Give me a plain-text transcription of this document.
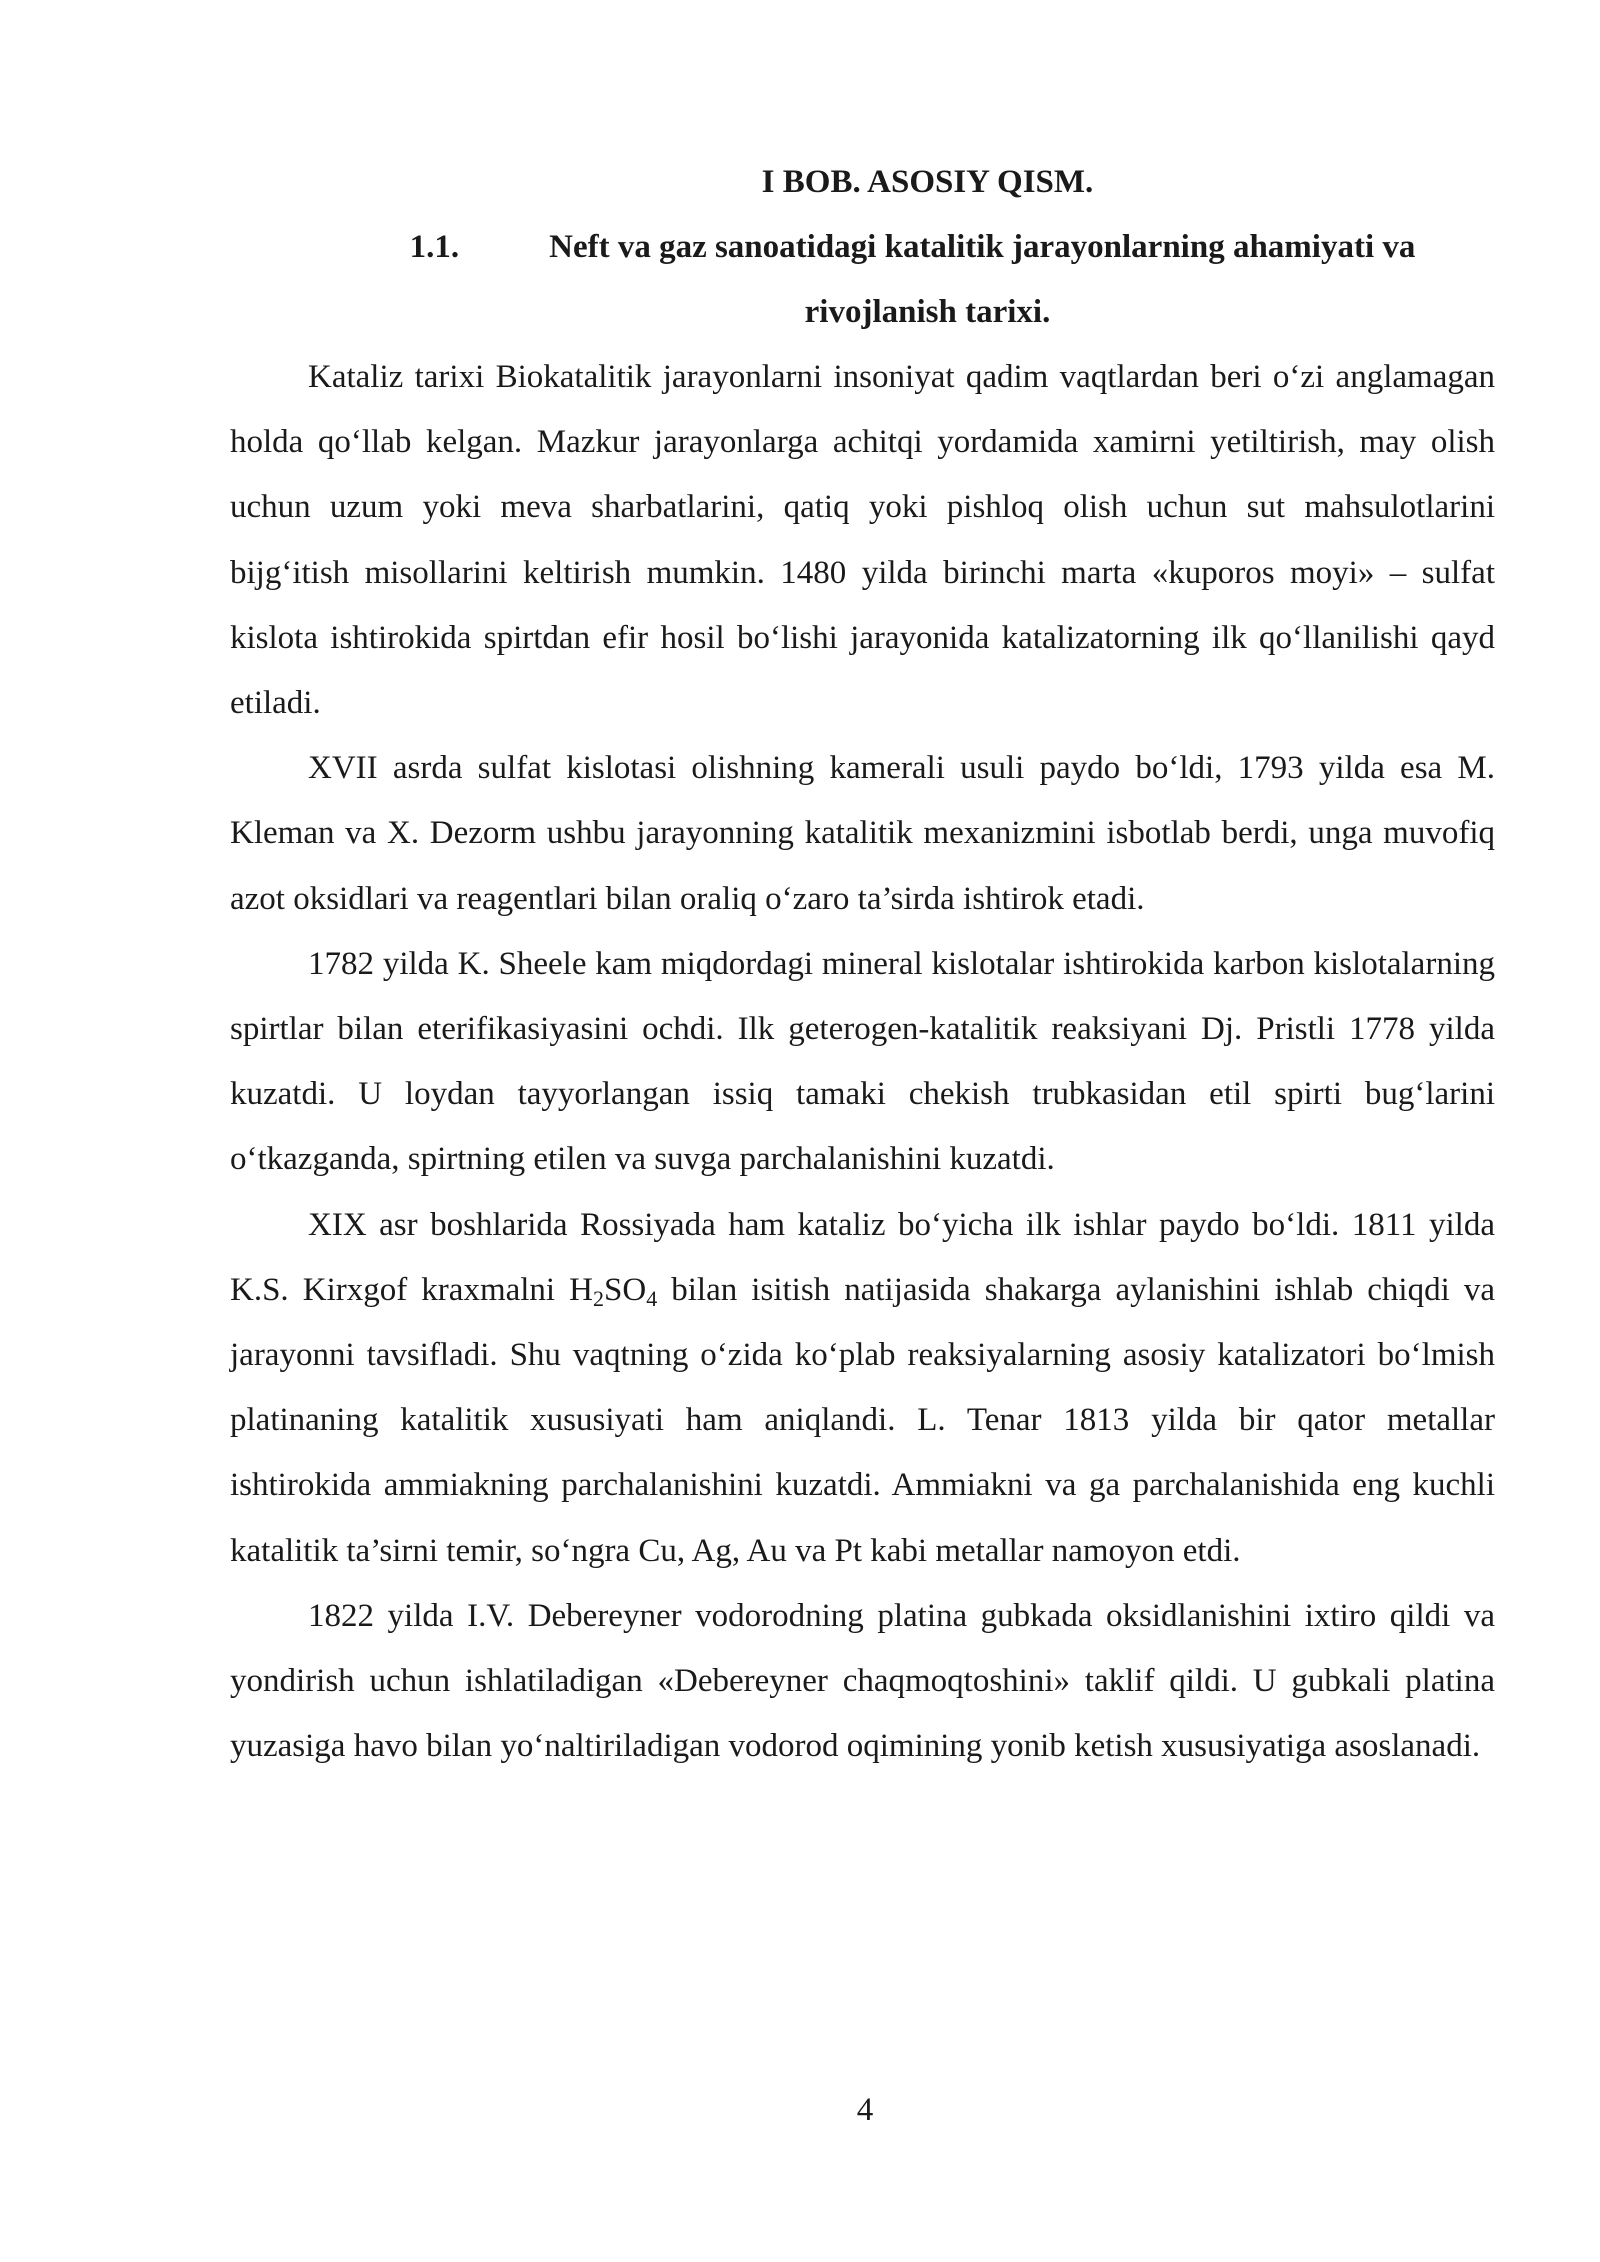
I BOB. ASOSIY QISM.
1.1.	Neft va gaz sanoatidagi katalitik jarayonlarning ahamiyati va
rivojlanish tarixi.

Kataliz tarixi Biokatalitik jarayonlarni insoniyat qadim vaqtlardan beri o‘zi anglamagan holda qo‘llab kelgan. Mazkur jarayonlarga achitqi yordamida xamirni yetiltirish, may olish uchun uzum yoki meva sharbatlarini, qatiq yoki pishloq olish uchun sut mahsulotlarini bijg‘itish misollarini keltirish mumkin. 1480 yilda birinchi marta «kuporos moyi» – sulfat kislota ishtirokida spirtdan efir hosil bo‘lishi jarayonida katalizatorning ilk qo‘llanilishi qayd etiladi.

XVII asrda sulfat kislotasi olishning kamerali usuli paydo bo‘ldi, 1793 yilda esa M. Kleman va X. Dezorm ushbu jarayonning katalitik mexanizmini isbotlab berdi, unga muvofiq azot oksidlari va reagentlari bilan oraliq o‘zaro ta’sirda ishtirok etadi.

1782 yilda K. Sheele kam miqdordagi mineral kislotalar ishtirokida karbon kislotalarning spirtlar bilan eterifikasiyasini ochdi. Ilk geterogen-katalitik reaksiyani Dj. Pristli 1778 yilda kuzatdi. U loydan tayyorlangan issiq tamaki chekish trubkasidan etil spirti bug‘larini o‘tkazganda, spirtning etilen va suvga parchalanishini kuzatdi.

XIX asr boshlarida Rossiyada ham kataliz bo‘yicha ilk ishlar paydo bo‘ldi. 1811 yilda K.S. Kirxgof kraxmalni $H_2SO_4$ bilan isitish natijasida shakarga aylanishini ishlab chiqdi va jarayonni tavsifladi. Shu vaqtning o‘zida ko‘plab reaksiyalarning asosiy katalizatori bo‘lmish platinaning katalitik xususiyati ham aniqlandi. L. Tenar 1813 yilda bir qator metallar ishtirokida ammiakning parchalanishini kuzatdi. Ammiakni va ga parchalanishida eng kuchli katalitik ta’sirni temir, so‘ngra Cu, Ag, Au va Pt kabi metallar namoyon etdi.

1822 yilda I.V. Debereyner vodorodning platina gubkada oksidlanishini ixtiro qildi va yondirish uchun ishlatiladigan «Debereyner chaqmoqtoshini» taklif qildi. U gubkali platina yuzasiga havo bilan yo‘naltiriladigan vodorod oqimining yonib ketish xususiyatiga asoslanadi.

4
